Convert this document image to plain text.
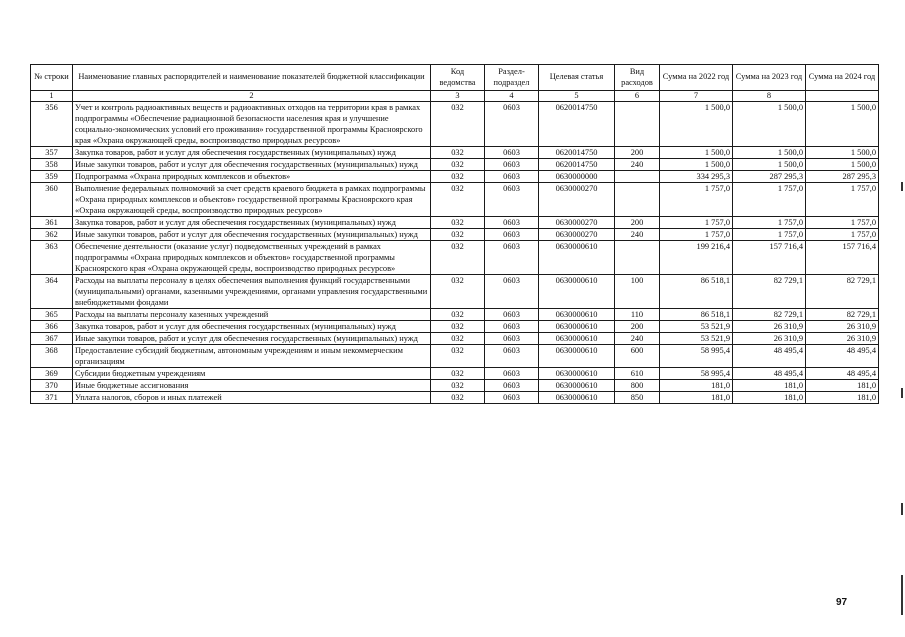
№ строки	Наименование главных распорядителей и наименование показателей бюджетной классификации	Код ведомства	Раздел-подраздел	Целевая статья	Вид расходов	Сумма на 2022 год	Сумма на 2023 год	Сумма на 2024 год
1	2	3	4	5	6	7	8	
356	Учет и контроль радиоактивных веществ и радиоактивных отходов на территории края в рамках подпрограммы «Обеспечение радиационной безопасности населения края и улучшение социально-экономических условий его проживания» государственной программы Красноярского края «Охрана окружающей среды, воспроизводство природных ресурсов»	032	0603	0620014750		1 500,0	1 500,0	1 500,0
357	Закупка товаров, работ и услуг для обеспечения государственных (муниципальных) нужд	032	0603	0620014750	200	1 500,0	1 500,0	1 500,0
358	Иные закупки товаров, работ и услуг для обеспечения государственных (муниципальных) нужд	032	0603	0620014750	240	1 500,0	1 500,0	1 500,0
359	Подпрограмма «Охрана природных комплексов и объектов»	032	0603	0630000000		334 295,3	287 295,3	287 295,3
360	Выполнение федеральных полномочий за счет средств краевого бюджета в рамках подпрограммы «Охрана природных комплексов и объектов» государственной программы Красноярского края «Охрана окружающей среды, воспроизводство природных ресурсов»	032	0603	0630000270		1 757,0	1 757,0	1 757,0
361	Закупка товаров, работ и услуг для обеспечения государственных (муниципальных) нужд	032	0603	0630000270	200	1 757,0	1 757,0	1 757,0
362	Иные закупки товаров, работ и услуг для обеспечения государственных (муниципальных) нужд	032	0603	0630000270	240	1 757,0	1 757,0	1 757,0
363	Обеспечение деятельности (оказание услуг) подведомственных учреждений в рамках подпрограммы «Охрана природных комплексов и объектов» государственной программы Красноярского края «Охрана окружающей среды, воспроизводство природных ресурсов»	032	0603	0630000610		199 216,4	157 716,4	157 716,4
364	Расходы на выплаты персоналу в целях обеспечения выполнения функций государственными (муниципальными) органами, казенными учреждениями, органами управления государственными внебюджетными фондами	032	0603	0630000610	100	86 518,1	82 729,1	82 729,1
365	Расходы на выплаты персоналу казенных учреждений	032	0603	0630000610	110	86 518,1	82 729,1	82 729,1
366	Закупка товаров, работ и услуг для обеспечения государственных (муниципальных) нужд	032	0603	0630000610	200	53 521,9	26 310,9	26 310,9
367	Иные закупки товаров, работ и услуг для обеспечения государственных (муниципальных) нужд	032	0603	0630000610	240	53 521,9	26 310,9	26 310,9
368	Предоставление субсидий бюджетным, автономным учреждениям и иным некоммерческим организациям	032	0603	0630000610	600	58 995,4	48 495,4	48 495,4
369	Субсидии бюджетным учреждениям	032	0603	0630000610	610	58 995,4	48 495,4	48 495,4
370	Иные бюджетные ассигнования	032	0603	0630000610	800	181,0	181,0	181,0
371	Уплата налогов, сборов и иных платежей	032	0603	0630000610	850	181,0	181,0	181,0
97
